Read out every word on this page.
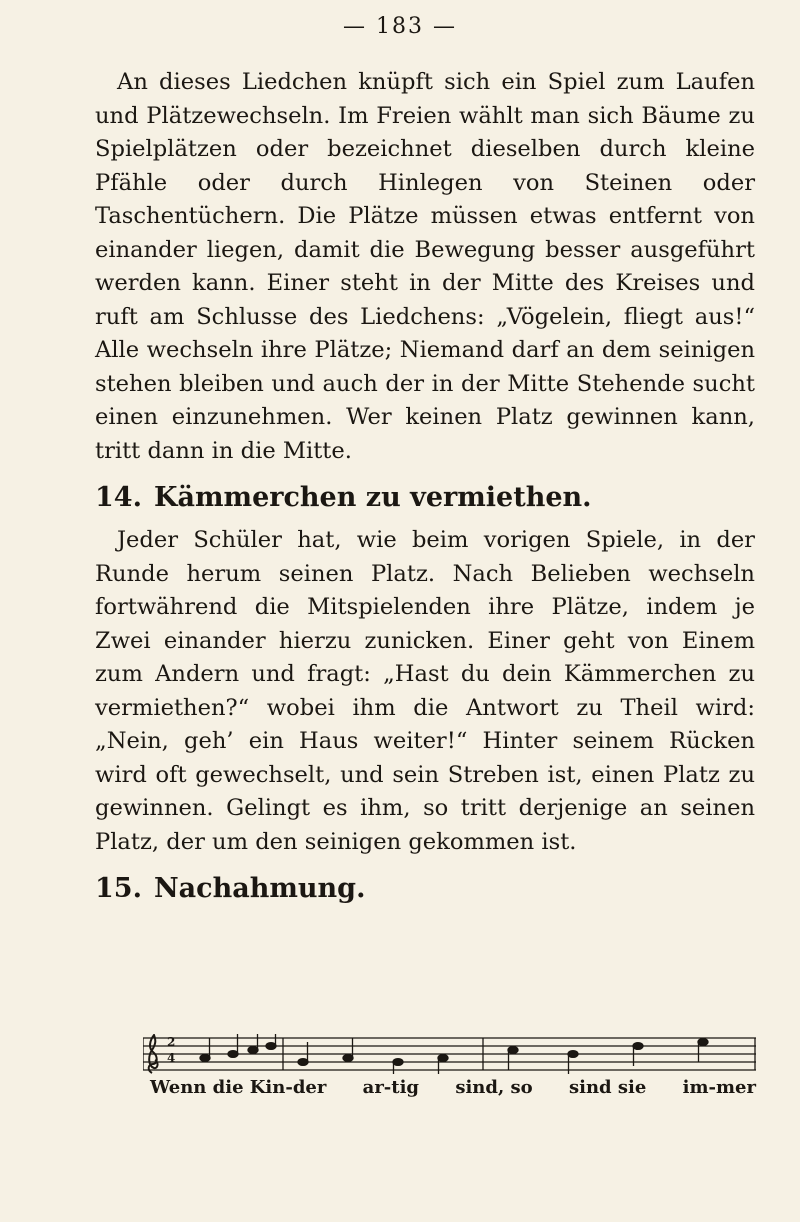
— 183 —

An dieses Liedchen knüpft sich ein Spiel zum Laufen und Plätzewechseln. Im Freien wählt man sich Bäume zu Spielplätzen oder bezeichnet dieselben durch kleine Pfähle oder durch Hinlegen von Steinen oder Taschentüchern. Die Plätze müssen etwas entfernt von einander liegen, damit die Bewegung besser ausgeführt werden kann. Einer steht in der Mitte des Kreises und ruft am Schlusse des Liedchens: „Vögelein, fliegt aus!“ Alle wechseln ihre Plätze; Niemand darf an dem seinigen stehen bleiben und auch der in der Mitte Stehende sucht einen einzunehmen. Wer keinen Platz gewinnen kann, tritt dann in die Mitte.

14. Kämmerchen zu vermiethen.

Jeder Schüler hat, wie beim vorigen Spiele, in der Runde herum seinen Platz. Nach Belieben wechseln fortwährend die Mitspielenden ihre Plätze, indem je Zwei einander hierzu zunicken. Einer geht von Einem zum Andern und fragt: „Hast du dein Kämmerchen zu vermiethen?“ wobei ihm die Antwort zu Theil wird: „Nein, geh’ ein Haus weiter!“ Hinter seinem Rücken wird oft gewechselt, und sein Streben ist, einen Platz zu gewinnen. Gelingt es ihm, so tritt derjenige an seinen Platz, der um den seinigen gekommen ist.

15. Nachahmung.
2
4
Wenn die Kin-der ar-tig sind, so sind sie im-mer
